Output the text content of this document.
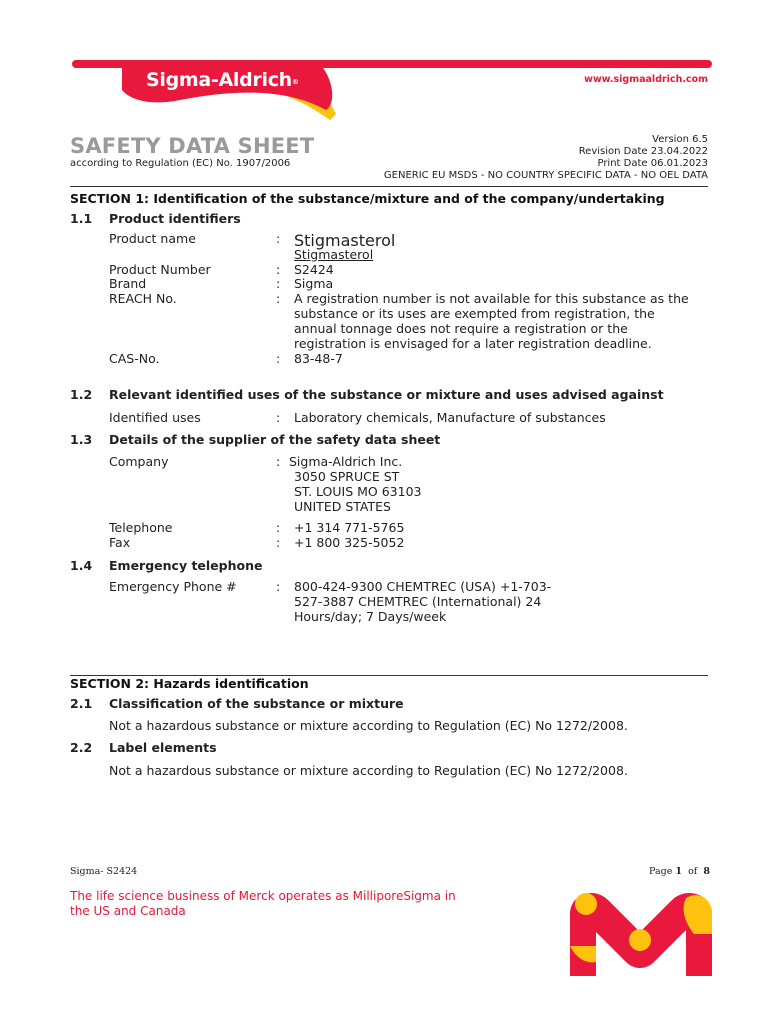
Sigma-Aldrich®	www.sigmaaldrich.com
SAFETY DATA SHEET
according to Regulation (EC) No. 1907/2006
Version 6.5
Revision Date 23.04.2022
Print Date 06.01.2023
GENERIC EU MSDS - NO COUNTRY SPECIFIC DATA - NO OEL DATA
SECTION 1: Identification of the substance/mixture and of the company/undertaking
1.1 Product identifiers
Product name	: Stigmasterol
Stigmasterol
Product Number	: S2424
Brand	: Sigma
REACH No.	: A registration number is not available for this substance as the
substance or its uses are exempted from registration, the
annual tonnage does not require a registration or the
registration is envisaged for a later registration deadline.
CAS-No.	: 83-48-7
1.2 Relevant identified uses of the substance or mixture and uses advised against
Identified uses	: Laboratory chemicals, Manufacture of substances
1.3 Details of the supplier of the safety data sheet
Company	: Sigma-Aldrich Inc.
3050 SPRUCE ST
ST. LOUIS MO 63103
UNITED STATES
Telephone	: +1 314 771-5765
Fax	: +1 800 325-5052
1.4 Emergency telephone
Emergency Phone #	: 800-424-9300 CHEMTREC (USA) +1-703-
527-3887 CHEMTREC (International) 24
Hours/day; 7 Days/week
SECTION 2: Hazards identification
2.1 Classification of the substance or mixture
Not a hazardous substance or mixture according to Regulation (EC) No 1272/2008.
2.2 Label elements
Not a hazardous substance or mixture according to Regulation (EC) No 1272/2008.
Sigma- S2424	Page 1 of 8
The life science business of Merck operates as MilliporeSigma in the US and Canada
